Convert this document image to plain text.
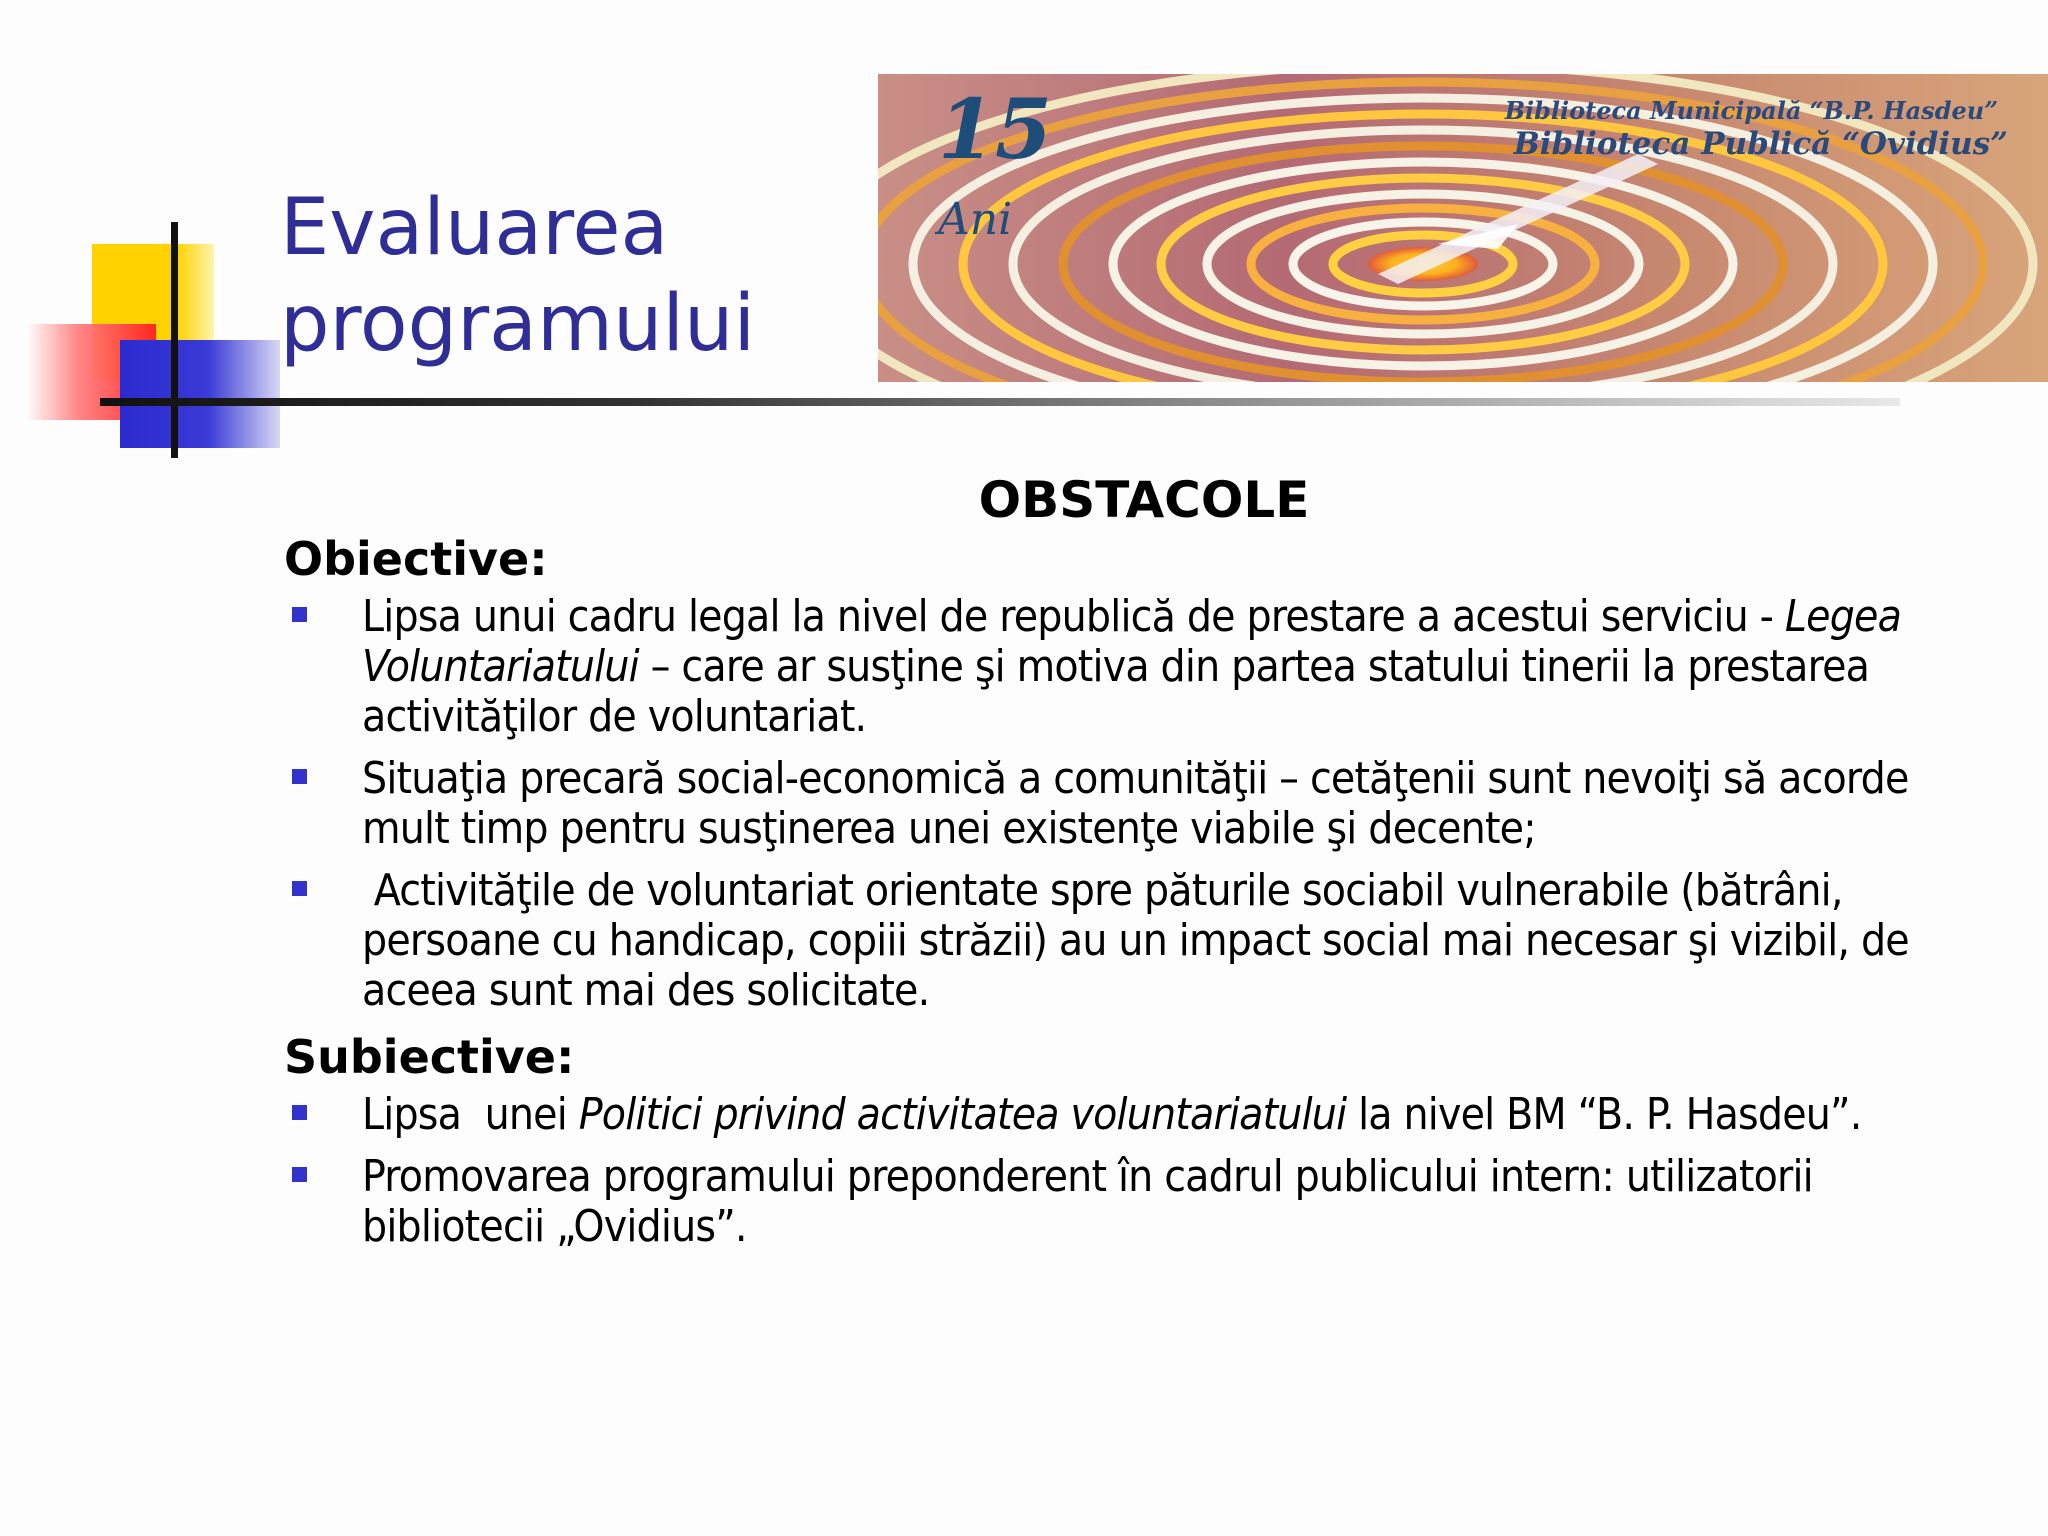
Evaluarea
programului
15
Ani
Biblioteca Municipală “B.P. Hasdeu”
Biblioteca Publică “Ovidius”
OBSTACOLE

Obiective:

Lipsa unui cadru legal la nivel de republică de prestare a acestui serviciu - Legea Voluntariatului – care ar susţine şi motiva din partea statului tinerii la prestarea activităţilor de voluntariat.
Situaţia precară social-economică a comunităţii – cetăţenii sunt nevoiţi să acorde mult timp pentru susţinerea unei existenţe viabile şi decente;
Activităţile de voluntariat orientate spre păturile sociabil vulnerabile (bătrâni, persoane cu handicap, copiii străzii) au un impact social mai necesar şi vizibil, de aceea sunt mai des solicitate.

Subiective:

Lipsa  unei Politici privind activitatea voluntariatului la nivel BM “B. P. Hasdeu”.
Promovarea programului preponderent în cadrul publicului intern: utilizatorii bibliotecii „Ovidius”.
